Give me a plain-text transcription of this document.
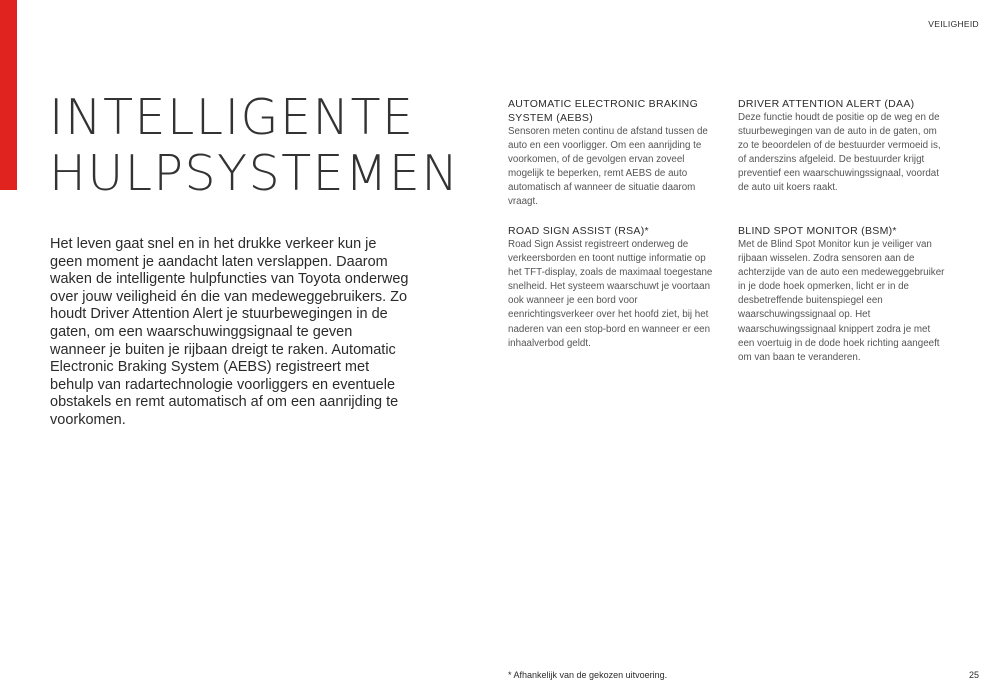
VEILIGHEID

INTELLIGENTE
HULPSYSTEMEN

Het leven gaat snel en in het drukke verkeer kun je geen moment je aandacht laten verslappen. Daarom waken de intelligente hulpfuncties van Toyota onderweg over jouw veiligheid én die van medeweggebruikers. Zo houdt Driver Attention Alert je stuurbewegingen in de gaten, om een waarschuwinggsignaal te geven wanneer je buiten je rijbaan dreigt te raken. Automatic Electronic Braking System (AEBS) registreert met behulp van radartechnologie voorliggers en eventuele obstakels en remt automatisch af om een aanrijding te voorkomen.

AUTOMATIC ELECTRONIC BRAKING SYSTEM (AEBS)

Sensoren meten continu de afstand tussen de auto en een voorligger. Om een aanrijding te voorkomen, of de gevolgen ervan zoveel mogelijk te beperken, remt AEBS de auto automatisch af wanneer de situatie daarom vraagt.

DRIVER ATTENTION ALERT (DAA)

Deze functie houdt de positie op de weg en de stuurbewegingen van de auto in de gaten, om zo te beoordelen of de bestuurder vermoeid is, of anderszins afgeleid. De bestuurder krijgt preventief een waarschuwingssignaal, voordat de auto uit koers raakt.

ROAD SIGN ASSIST (RSA)*

Road Sign Assist registreert onderweg de verkeersborden en toont nuttige informatie op het TFT-display, zoals de maximaal toegestane snelheid. Het systeem waarschuwt je voortaan ook wanneer je een bord voor eenrichtingsverkeer over het hoofd ziet, bij het naderen van een stop-bord en wanneer er een inhaalverbod geldt.

BLIND SPOT MONITOR (BSM)*

Met de Blind Spot Monitor kun je veiliger van rijbaan wisselen. Zodra sensoren aan de achterzijde van de auto een medeweggebruiker in je dode hoek opmerken, licht er in de desbetreffende buitenspiegel een waarschuwingssignaal op. Het waarschuwingssignaal knippert zodra je met een voertuig in de dode hoek richting aangeeft om van baan te veranderen.

* Afhankelijk van de gekozen uitvoering.	25
